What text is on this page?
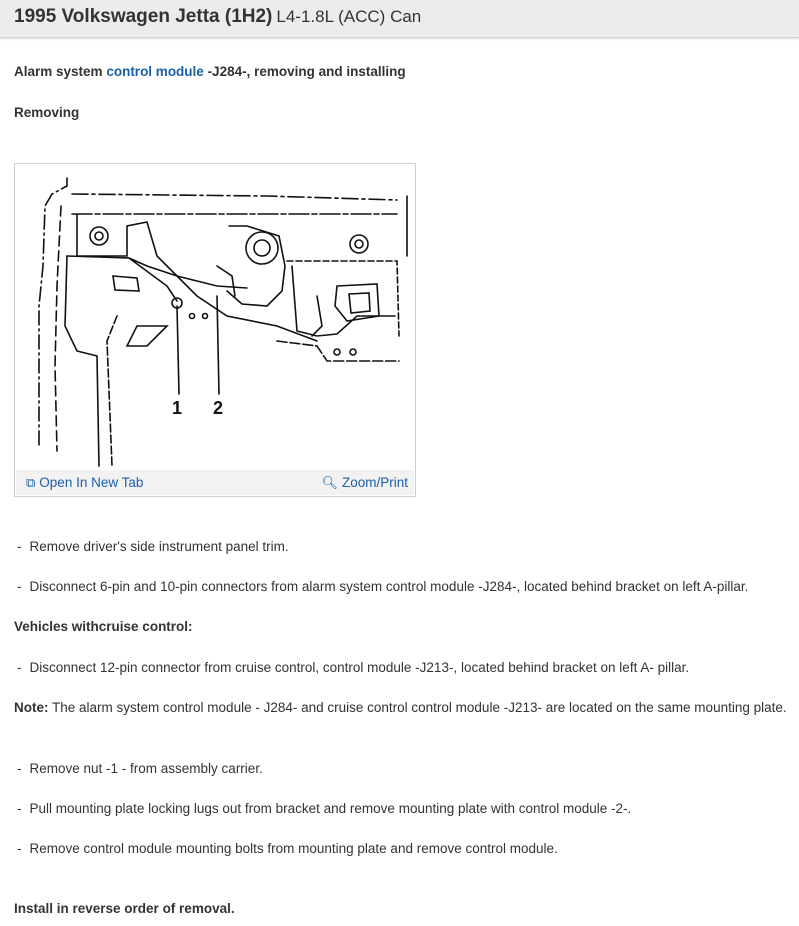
1995 Volkswagen Jetta (1H2) L4-1.8L (ACC) Can
Alarm system control module -J284-, removing and installing
Removing
1 2
⧉ Open In New Tab	🔍︎ Zoom/Print
- Remove driver's side instrument panel trim.
- Disconnect 6-pin and 10-pin connectors from alarm system control module -J284-, located behind bracket on left A-pillar.
Vehicles withcruise control:
- Disconnect 12-pin connector from cruise control, control module -J213-, located behind bracket on left A- pillar.
Note: The alarm system control module - J284- and cruise control control module -J213- are located on the same mounting plate.
- Remove nut -1 - from assembly carrier.
- Pull mounting plate locking lugs out from bracket and remove mounting plate with control module -2-.
- Remove control module mounting bolts from mounting plate and remove control module.
Install in reverse order of removal.
